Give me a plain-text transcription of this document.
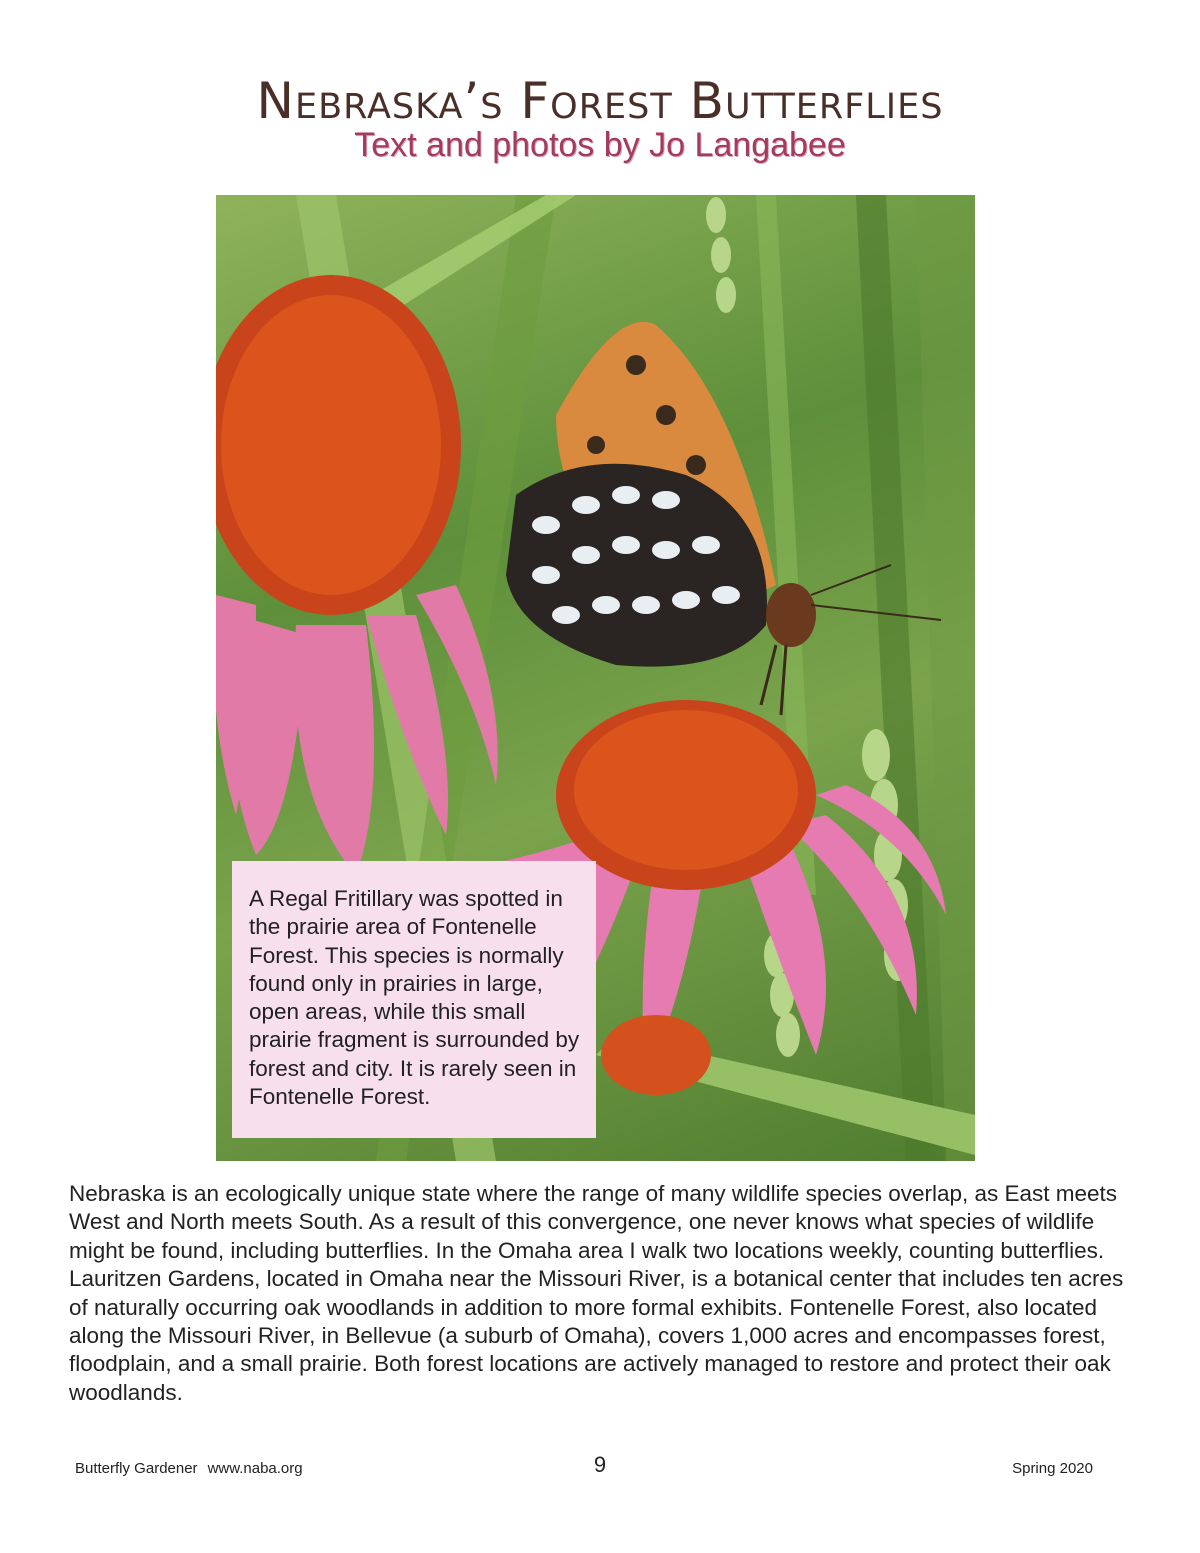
Nebraska’s Forest Butterflies
Text and photos by Jo Langabee
A Regal Fritillary was spotted in the prairie area of Fontenelle Forest. This species is normally found only in prairies in large, open areas, while this small prairie fragment is surrounded by forest and city. It is rarely seen in Fontenelle Forest.

Nebraska is an ecologically unique state where the range of many wildlife species overlap, as East meets West and North meets South. As a result of this convergence, one never knows what species of wildlife might be found, including butterflies. In the Omaha area I walk two locations weekly, counting butterflies. Lauritzen Gardens, located in Omaha near the Missouri River, is a botanical center that includes ten acres of naturally occurring oak woodlands in addition to more formal exhibits. Fontenelle Forest, also located along the Missouri River, in Bellevue (a suburb of Omaha), covers 1,000 acres and encompasses forest, floodplain, and a small prairie. Both forest locations are actively managed to restore and protect their oak woodlands.

Butterfly Gardener www.naba.org	9	Spring 2020
